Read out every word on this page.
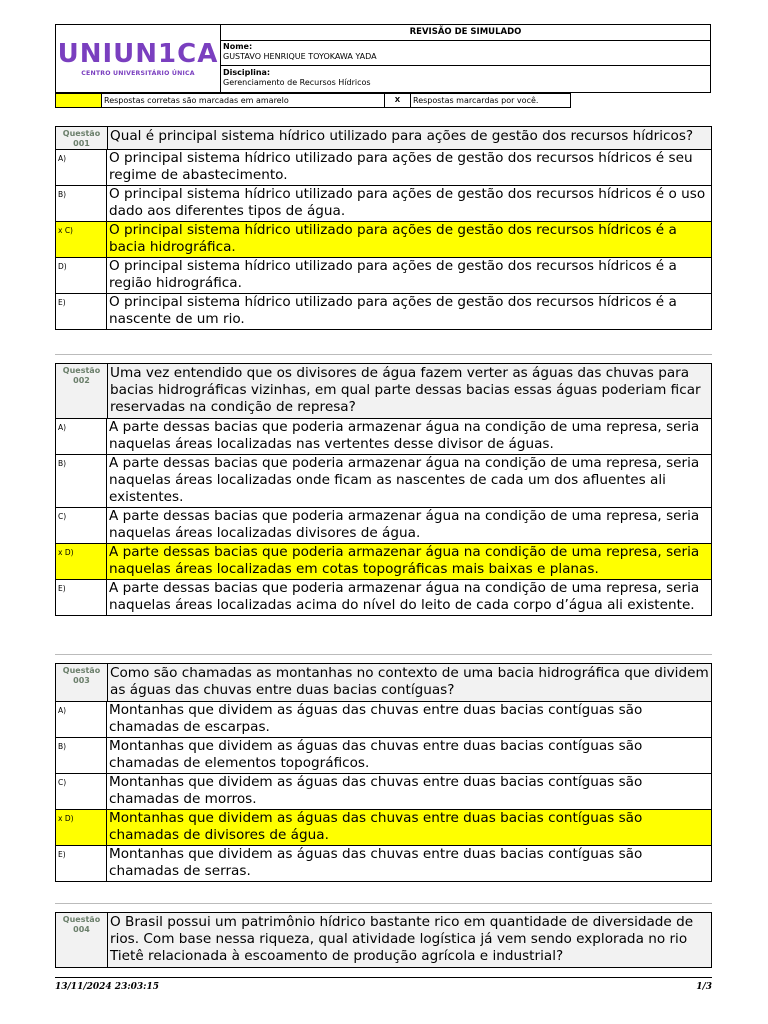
UNIUN1CA
CENTRO UNIVERSITÁRIO ÚNICA
REVISÃO DE SIMULADO
Nome:
GUSTAVO HENRIQUE TOYOKAWA YADA
Disciplina:
Gerenciamento de Recursos Hídricos
Respostas corretas são marcadas em amarelo	X	Respostas marcardas por você.
Questão
001	Qual é principal sistema hídrico utilizado para ações de gestão dos recursos hídricos?
A)	O principal sistema hídrico utilizado para ações de gestão dos recursos hídricos é seu regime de abastecimento.
B)	O principal sistema hídrico utilizado para ações de gestão dos recursos hídricos é o uso dado aos diferentes tipos de água.
x C)	O principal sistema hídrico utilizado para ações de gestão dos recursos hídricos é a bacia hidrográfica.
D)	O principal sistema hídrico utilizado para ações de gestão dos recursos hídricos é a região hidrográfica.
E)	O principal sistema hídrico utilizado para ações de gestão dos recursos hídricos é a nascente de um rio.
Questão
002	Uma vez entendido que os divisores de água fazem verter as águas das chuvas para bacias hidrográficas vizinhas, em qual parte dessas bacias essas águas poderiam ficar reservadas na condição de represa?
A)	A parte dessas bacias que poderia armazenar água na condição de uma represa, seria naquelas áreas localizadas nas vertentes desse divisor de águas.
B)	A parte dessas bacias que poderia armazenar água na condição de uma represa, seria naquelas áreas localizadas onde ficam as nascentes de cada um dos afluentes ali existentes.
C)	A parte dessas bacias que poderia armazenar água na condição de uma represa, seria naquelas áreas localizadas divisores de água.
x D)	A parte dessas bacias que poderia armazenar água na condição de uma represa, seria naquelas áreas localizadas em cotas topográficas mais baixas e planas.
E)	A parte dessas bacias que poderia armazenar água na condição de uma represa, seria naquelas áreas localizadas acima do nível do leito de cada corpo d’água ali existente.
Questão
003	Como são chamadas as montanhas no contexto de uma bacia hidrográfica que dividem as águas das chuvas entre duas bacias contíguas?
A)	Montanhas que dividem as águas das chuvas entre duas bacias contíguas são chamadas de escarpas.
B)	Montanhas que dividem as águas das chuvas entre duas bacias contíguas são chamadas de elementos topográficos.
C)	Montanhas que dividem as águas das chuvas entre duas bacias contíguas são chamadas de morros.
x D)	Montanhas que dividem as águas das chuvas entre duas bacias contíguas são chamadas de divisores de água.
E)	Montanhas que dividem as águas das chuvas entre duas bacias contíguas são chamadas de serras.
Questão
004	O Brasil possui um patrimônio hídrico bastante rico em quantidade de diversidade de rios. Com base nessa riqueza, qual atividade logística já vem sendo explorada no rio Tietê relacionada à escoamento de produção agrícola e industrial?
13/11/2024 23:03:15	1/3
